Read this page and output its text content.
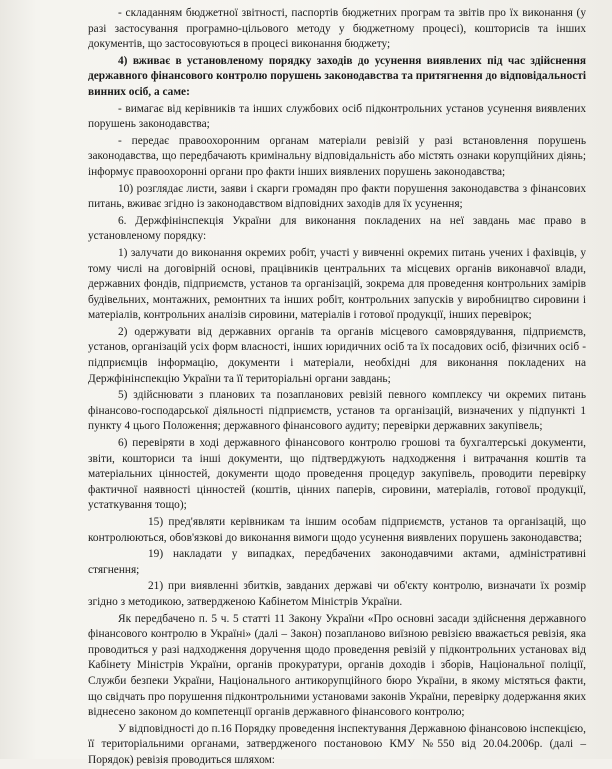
- складанням бюджетної звітності, паспортів бюджетних програм та звітів про їх виконання (у разі застосування програмно-цільового методу у бюджетному процесі), кошторисів та інших документів, що застосовуються в процесі виконання бюджету;

4) вживає в установленому порядку заходів до усунення виявлених під час здійснення державного фінансового контролю порушень законодавства та притягнення до відповідальності винних осіб, а саме:

- вимагає від керівників та інших службових осіб підконтрольних установ усунення виявлених порушень законодавства;

- передає правоохоронним органам матеріали ревізій у разі встановлення порушень законодавства, що передбачають кримінальну відповідальність або містять ознаки корупційних діянь; інформує правоохоронні органи про факти інших виявлених порушень законодавства;

10) розглядає листи, заяви і скарги громадян про факти порушення законодавства з фінансових питань, вживає згідно із законодавством відповідних заходів для їх усунення;

6. Держфінінспекція України для виконання покладених на неї завдань має право в установленому порядку:

1) залучати до виконання окремих робіт, участі у вивченні окремих питань учених і фахівців, у тому числі на договірній основі, працівників центральних та місцевих органів виконавчої влади, державних фондів, підприємств, установ та організацій, зокрема для проведення контрольних замірів будівельних, монтажних, ремонтних та інших робіт, контрольних запусків у виробництво сировини і матеріалів, контрольних аналізів сировини, матеріалів і готової продукції, інших перевірок;

2) одержувати від державних органів та органів місцевого самоврядування, підприємств, установ, організацій усіх форм власності, інших юридичних осіб та їх посадових осіб, фізичних осіб - підприємців інформацію, документи і матеріали, необхідні для виконання покладених на Держфінінспекцію України та її територіальні органи завдань;

5) здійснювати з планових та позапланових ревізій певного комплексу чи окремих питань фінансово-господарської діяльності підприємств, установ та організацій, визначених у підпункті 1 пункту 4 цього Положення; державного фінансового аудиту; перевірки державних закупівель;

6) перевіряти в ході державного фінансового контролю грошові та бухгалтерські документи, звіти, кошториси та інші документи, що підтверджують надходження і витрачання коштів та матеріальних цінностей, документи щодо проведення процедур закупівель, проводити перевірку фактичної наявності цінностей (коштів, цінних паперів, сировини, матеріалів, готової продукції, устаткування тощо);

15) пред'являти керівникам та іншим особам підприємств, установ та організацій, що контролюються, обов'язкові до виконання вимоги щодо усунення виявлених порушень законодавства;

19) накладати у випадках, передбачених законодавчими актами, адміністративні стягнення;

21) при виявленні збитків, завданих державі чи об'єкту контролю, визначати їх розмір згідно з методикою, затвердженою Кабінетом Міністрів України.

Як передбачено п. 5 ч. 5 статті 11 Закону України «Про основні засади здійснення державного фінансового контролю в Україні» (далі – Закон) позапланово виїзною ревізією вважається ревізія, яка проводиться у разі надходження доручення щодо проведення ревізій у підконтрольних установах від Кабінету Міністрів України, органів прокуратури, органів доходів і зборів, Національної поліції, Служби безпеки України, Національного антикорупційного бюро України, в якому містяться факти, що свідчать про порушення підконтрольними установами законів України, перевірку додержання яких віднесено законом до компетенції органів державного фінансового контролю;

У відповідності до п.16 Порядку проведення інспектування Державною фінансовою інспекцією, її територіальними органами, затвердженого постановою КМУ №550 від 20.04.2006р. (далі – Порядок) ревізія проводиться шляхом:
